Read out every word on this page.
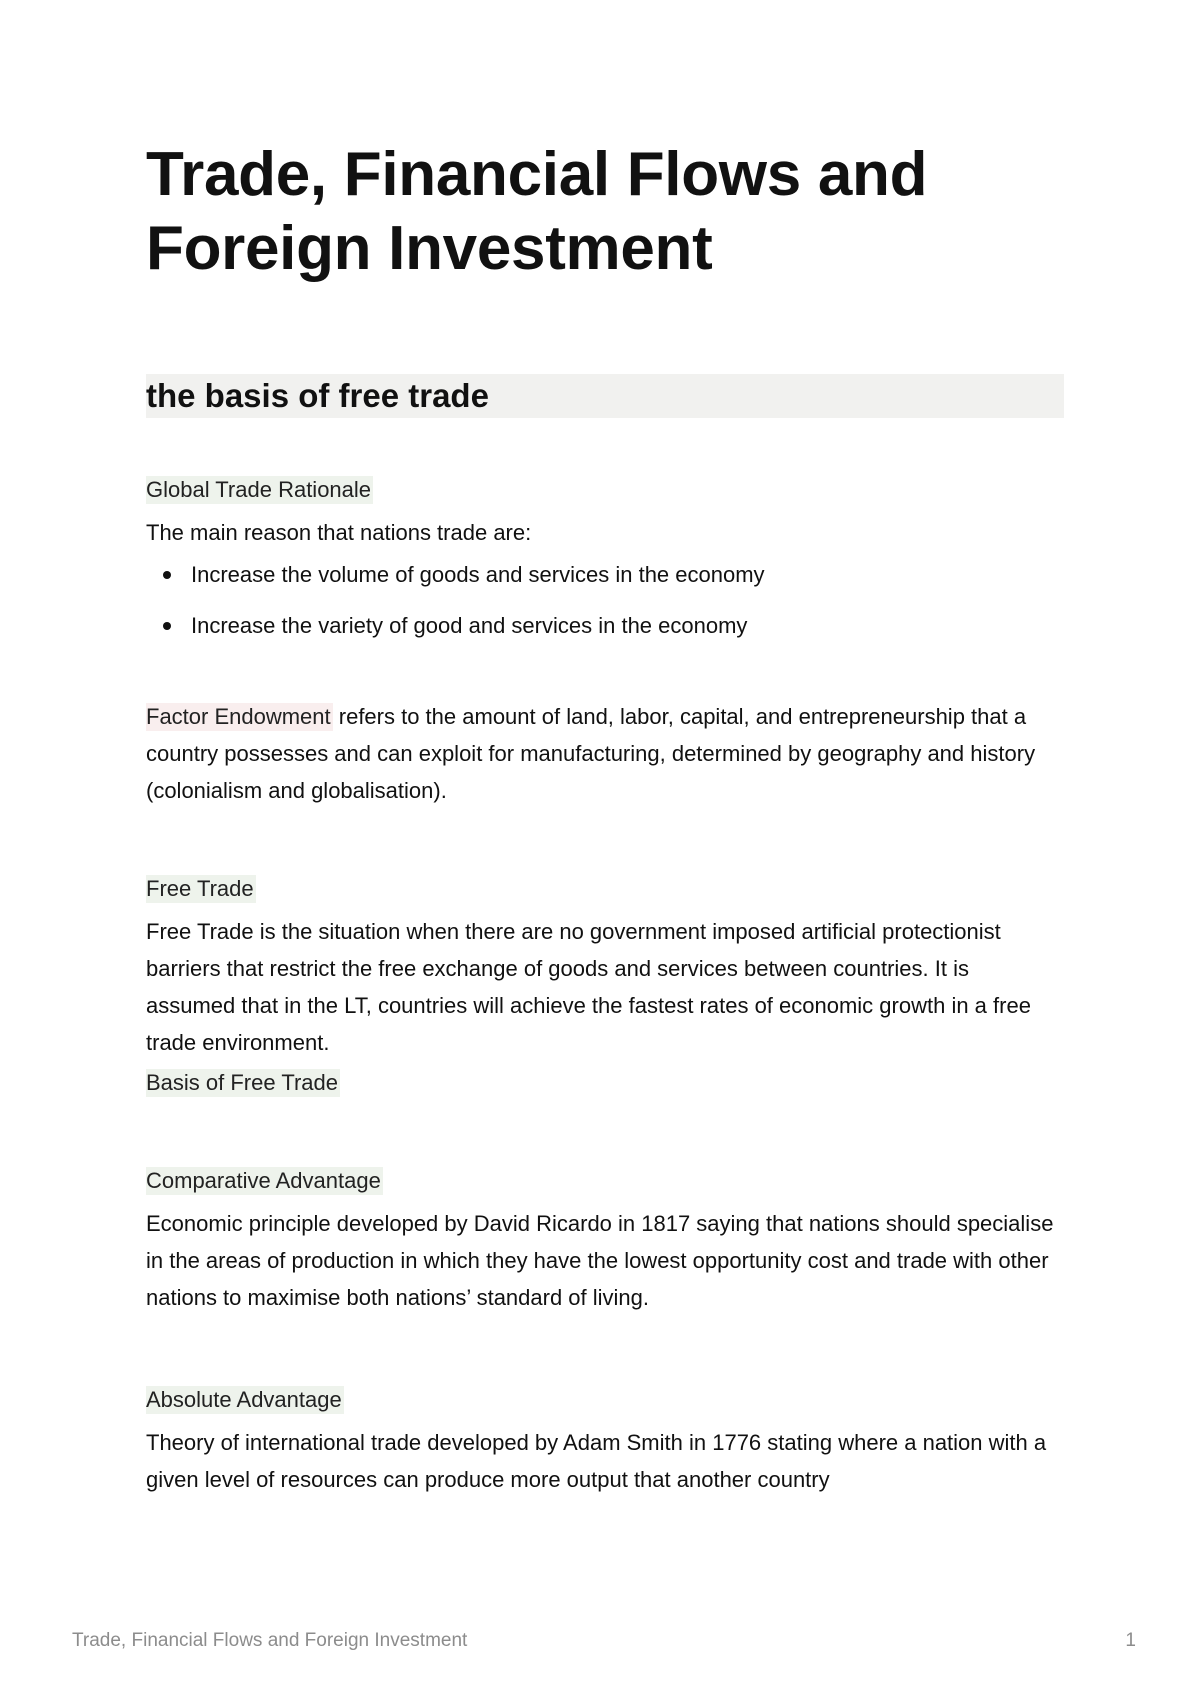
Trade, Financial Flows and Foreign Investment
the basis of free trade
Global Trade Rationale

The main reason that nations trade are:

Increase the volume of goods and services in the economy
Increase the variety of good and services in the economy

Factor Endowment refers to the amount of land, labor, capital, and entrepreneurship that a country possesses and can exploit for manufacturing, determined by geography and history (colonialism and globalisation).

Free Trade

Free Trade is the situation when there are no government imposed artificial protectionist barriers that restrict the free exchange of goods and services between countries. It is assumed that in the LT, countries will achieve the fastest rates of economic growth in a free trade environment.

Basis of Free Trade
Comparative Advantage

Economic principle developed by David Ricardo in 1817 saying that nations should specialise in the areas of production in which they have the lowest opportunity cost and trade with other nations to maximise both nations’ standard of living.

Absolute Advantage

Theory of international trade developed by Adam Smith in 1776 stating where a nation with a given level of resources can produce more output that another country

Trade, Financial Flows and Foreign Investment	1
